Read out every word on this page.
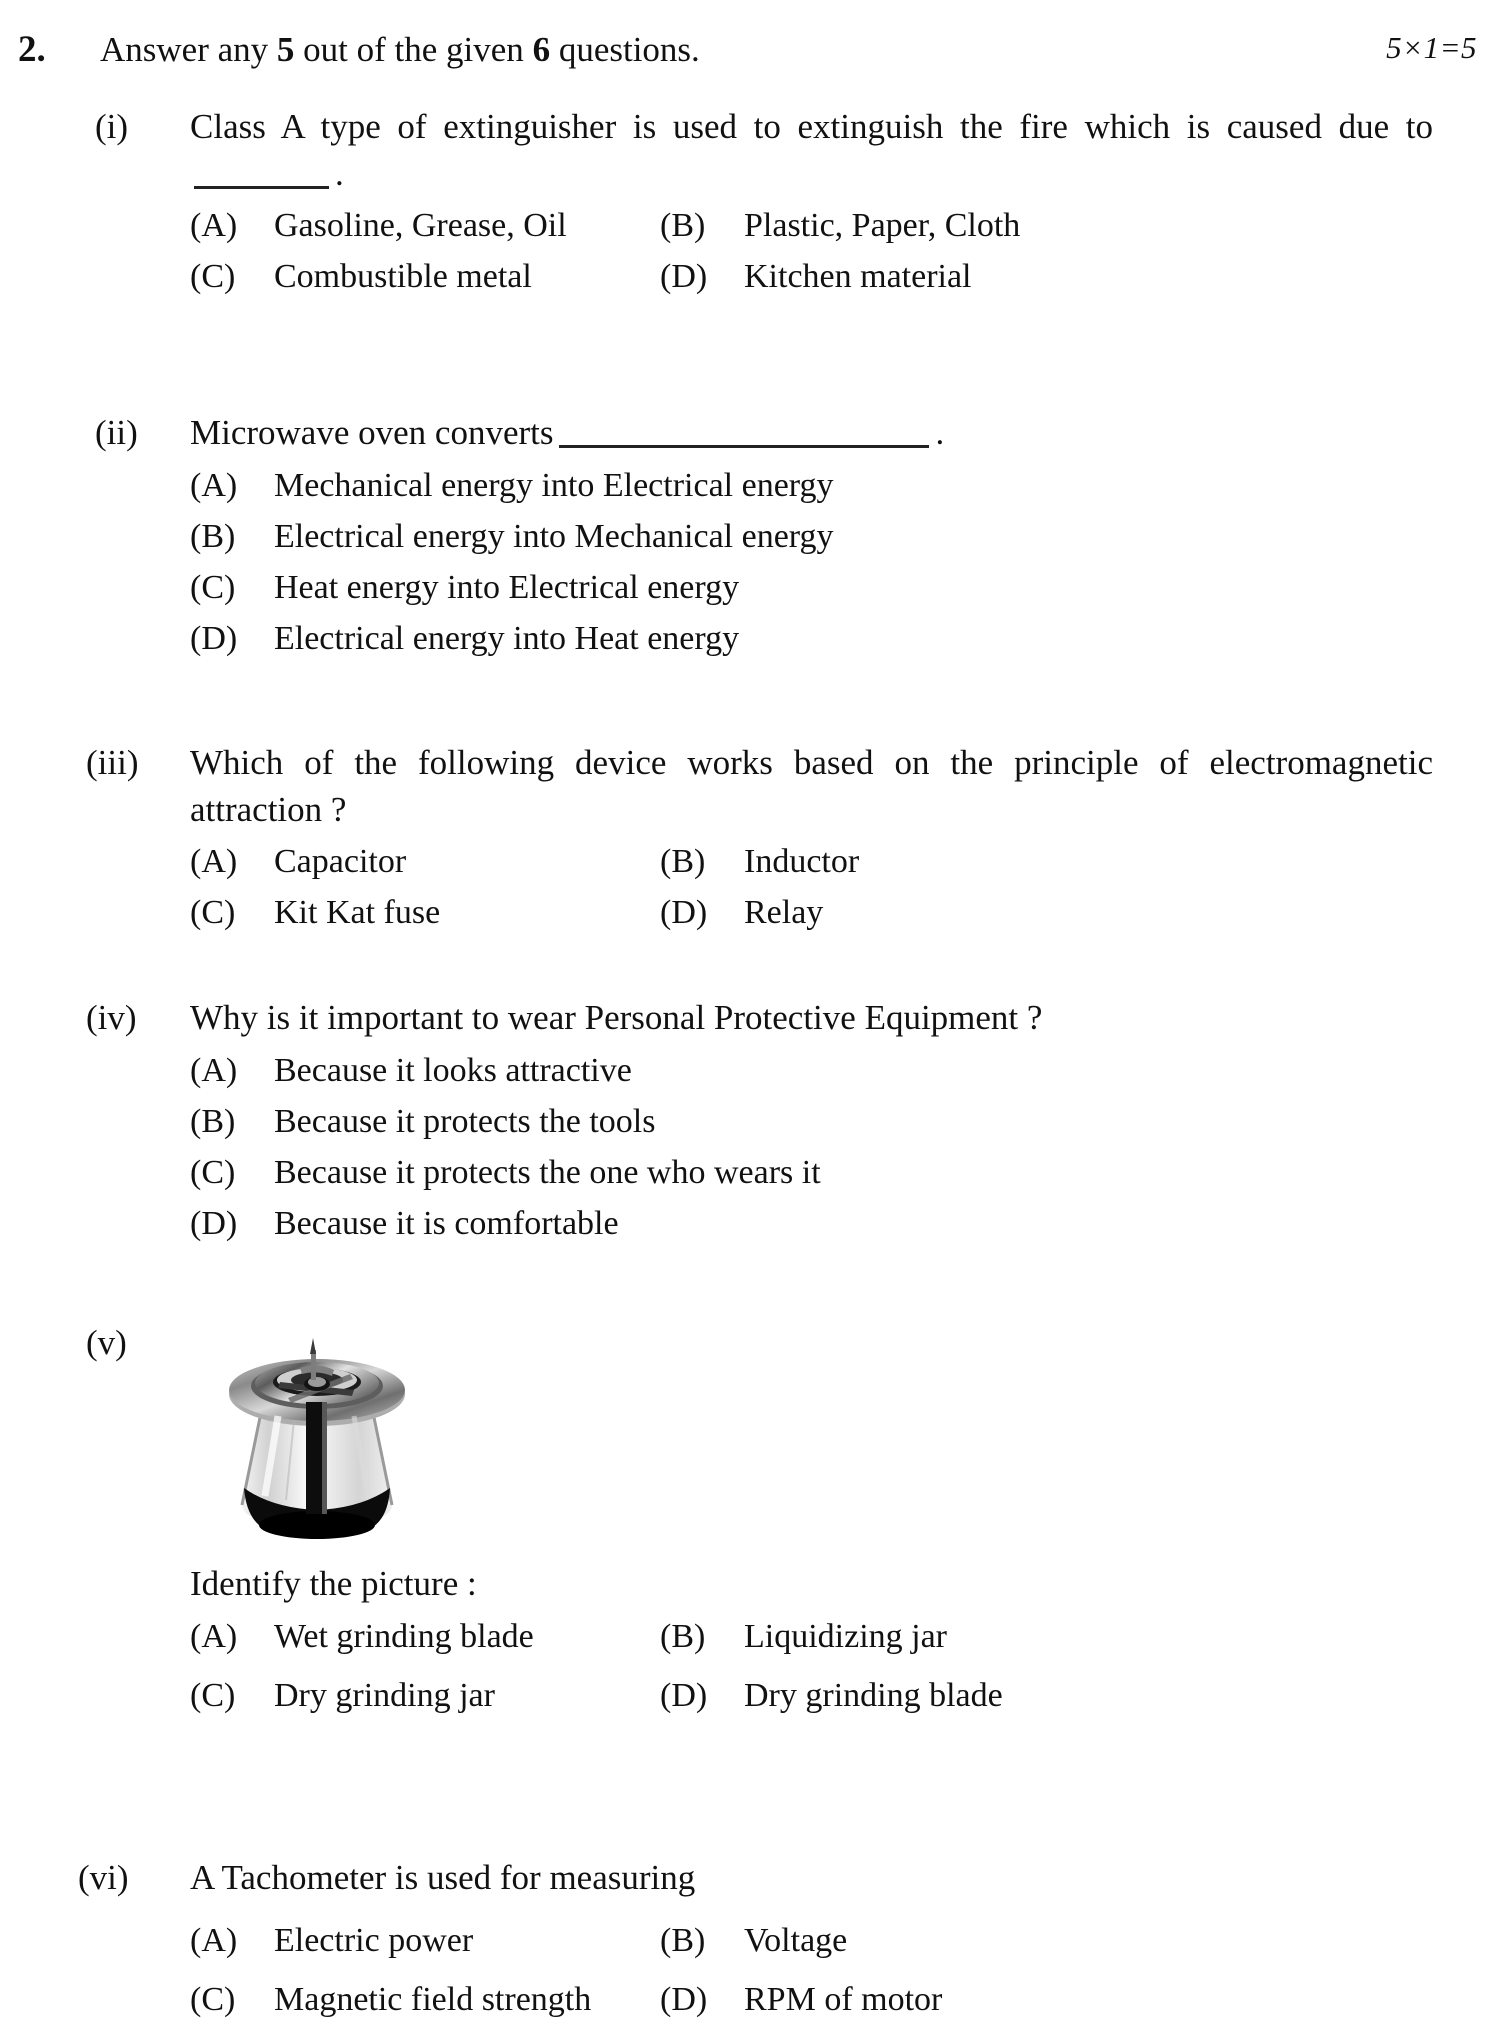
2.	Answer any 5 out of the given 6 questions.	5×1=5
(i)	Class A type of extinguisher is used to extinguish the fire which is caused due to.
(A)	Gasoline, Grease, Oil	(B)	Plastic, Paper, Cloth
(C)	Combustible metal	(D)	Kitchen material
(ii)	Microwave oven converts	.
(A)	Mechanical energy into Electrical energy
(B)	Electrical energy into Mechanical energy
(C)	Heat energy into Electrical energy
(D)	Electrical energy into Heat energy
(iii)	Which of the following device works based on the principle of electromagnetic attraction ?
(A)	Capacitor	(B)	Inductor
(C)	Kit Kat fuse	(D)	Relay
(iv)	Why is it important to wear Personal Protective Equipment ?
(A)	Because it looks attractive
(B)	Because it protects the tools
(C)	Because it protects the one who wears it
(D)	Because it is comfortable
(v)
Identify the picture :
(A)	Wet grinding blade	(B)	Liquidizing jar
(C)	Dry grinding jar	(D)	Dry grinding blade
(vi)	A Tachometer is used for measuring
(A)	Electric power	(B)	Voltage
(C)	Magnetic field strength (D)	RPM of motor
